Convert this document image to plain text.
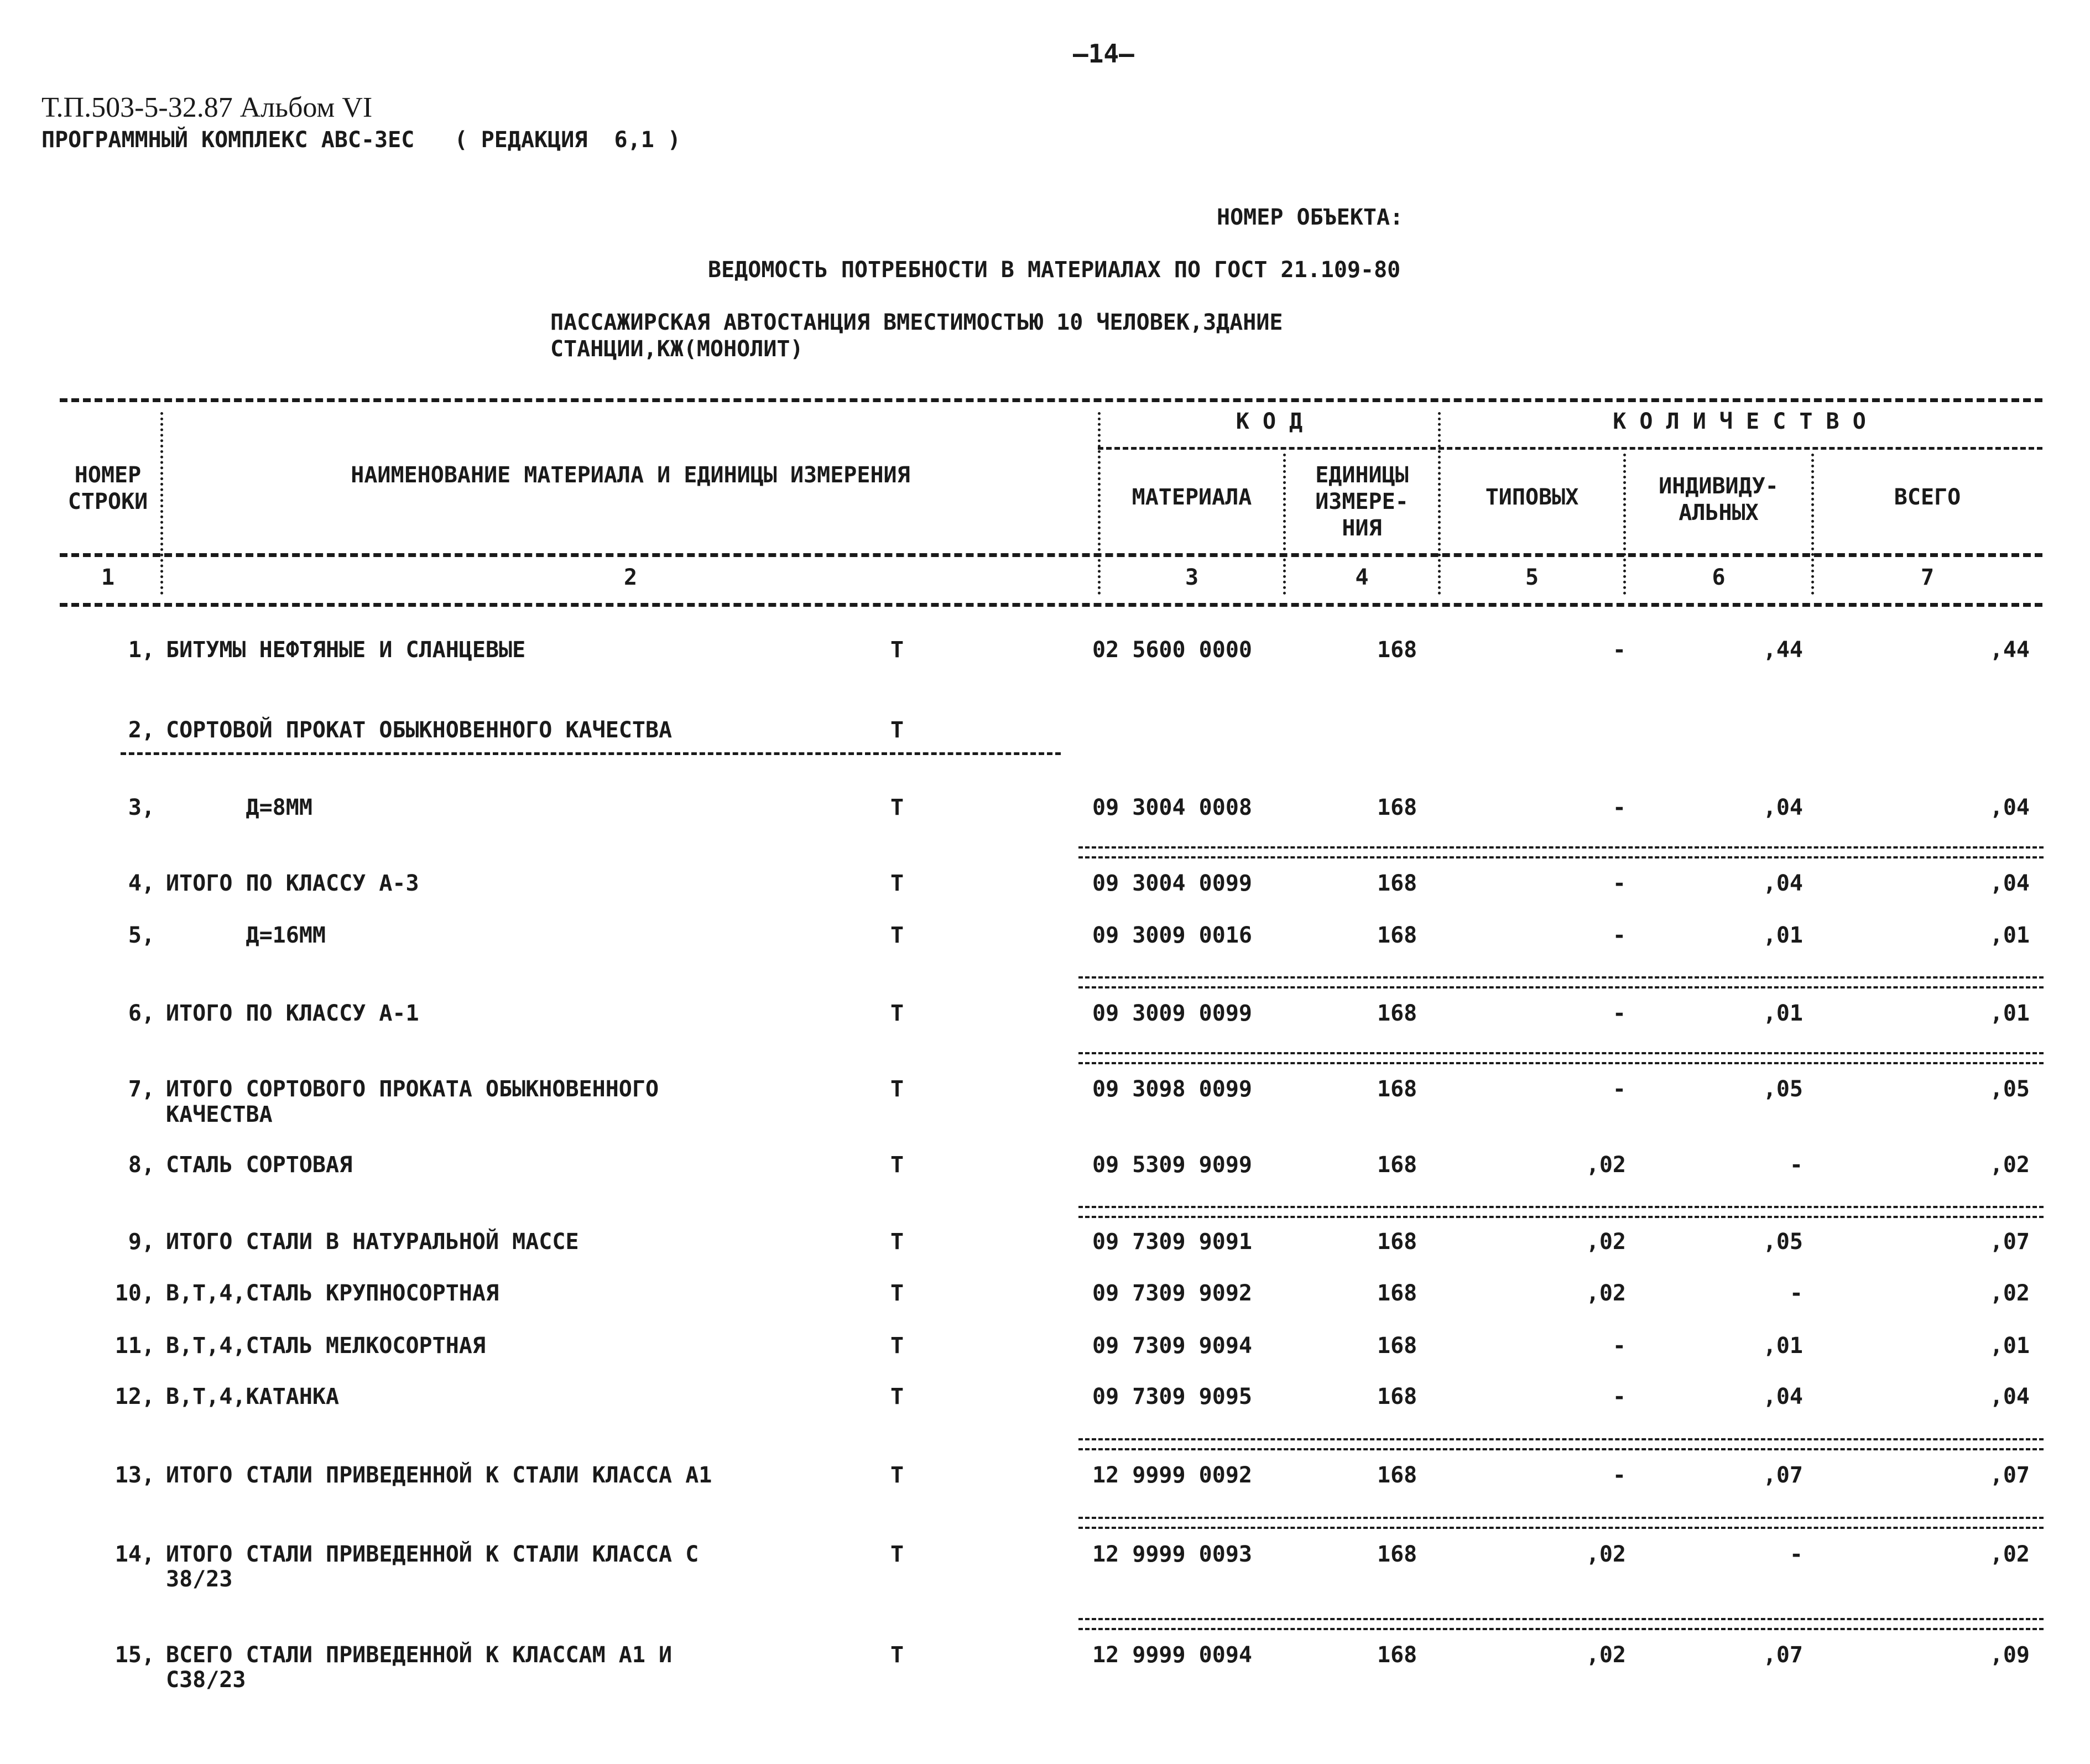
—14—
Т.П.503-5-32.87 Альбом VI
ПРОГРАММНЫЙ КОМПЛЕКС АВС-3ЕС   ( РЕДАКЦИЯ  6,1 )
НОМЕР ОБЪЕКТА:
ВЕДОМОСТЬ ПОТРЕБНОСТИ В МАТЕРИАЛАХ ПО ГОСТ 21.109-80
ПАССАЖИРСКАЯ АВТОСТАНЦИЯ ВМЕСТИМОСТЬЮ 10 ЧЕЛОВЕК,ЗДАНИЕ
СТАНЦИИ,КЖ(МОНОЛИТ)
НОМЕР
СТРОКИ
НАИМЕНОВАНИЕ МАТЕРИАЛА И ЕДИНИЦЫ ИЗМЕРЕНИЯ
К О Д
МАТЕРИАЛА
ЕДИНИЦЫ
ИЗМЕРЕ-
НИЯ
К О Л И Ч Е С Т В О
ТИПОВЫХ	ИНДИВИДУ-
АЛЬНЫХ
ВСЕГО
1	2	3	4	5	6	7
1, БИТУМЫ НЕФТЯНЫЕ И СЛАНЦЕВЫЕ	Т	02 5600 0000	168	-	,44	,44
2, СОРТОВОЙ ПРОКАТ ОБЫКНОВЕННОГО КАЧЕСТВА	Т
3, Д=8ММ	Т	09 3004 0008	168	-	,04	,04
4, ИТОГО ПО КЛАССУ А-3	Т	09 3004 0099	168	-	,04	,04
5, Д=16ММ	Т	09 3009 0016	168	-	,01	,01
6, ИТОГО ПО КЛАССУ А-1	Т	09 3009 0099	168	-	,01	,01
7, ИТОГО СОРТОВОГО ПРОКАТА ОБЫКНОВЕННОГО	Т	09 3098 0099	168	-	,05	,05
КАЧЕСТВА
8, СТАЛЬ СОРТОВАЯ	Т	09 5309 9099	168	,02	-	,02
9, ИТОГО СТАЛИ В НАТУРАЛЬНОЙ МАССЕ	Т	09 7309 9091	168	,02	,05	,07
10, В,Т,4,СТАЛЬ КРУПНОСОРТНАЯ	Т	09 7309 9092	168	,02	-	,02
11, В,Т,4,СТАЛЬ МЕЛКОСОРТНАЯ	Т	09 7309 9094	168	-	,01	,01
12, В,Т,4,КАТАНКА	Т	09 7309 9095	168	-	,04	,04
13, ИТОГО СТАЛИ ПРИВЕДЕННОЙ К СТАЛИ КЛАССА А1	Т	12 9999 0092	168	-	,07	,07
14, ИТОГО СТАЛИ ПРИВЕДЕННОЙ К СТАЛИ КЛАССА С	Т	12 9999 0093	168	,02	-	,02
38/23
15, ВСЕГО СТАЛИ ПРИВЕДЕННОЙ К КЛАССАМ А1 И	Т	12 9999 0094	168	,02	,07	,09
С38/23
